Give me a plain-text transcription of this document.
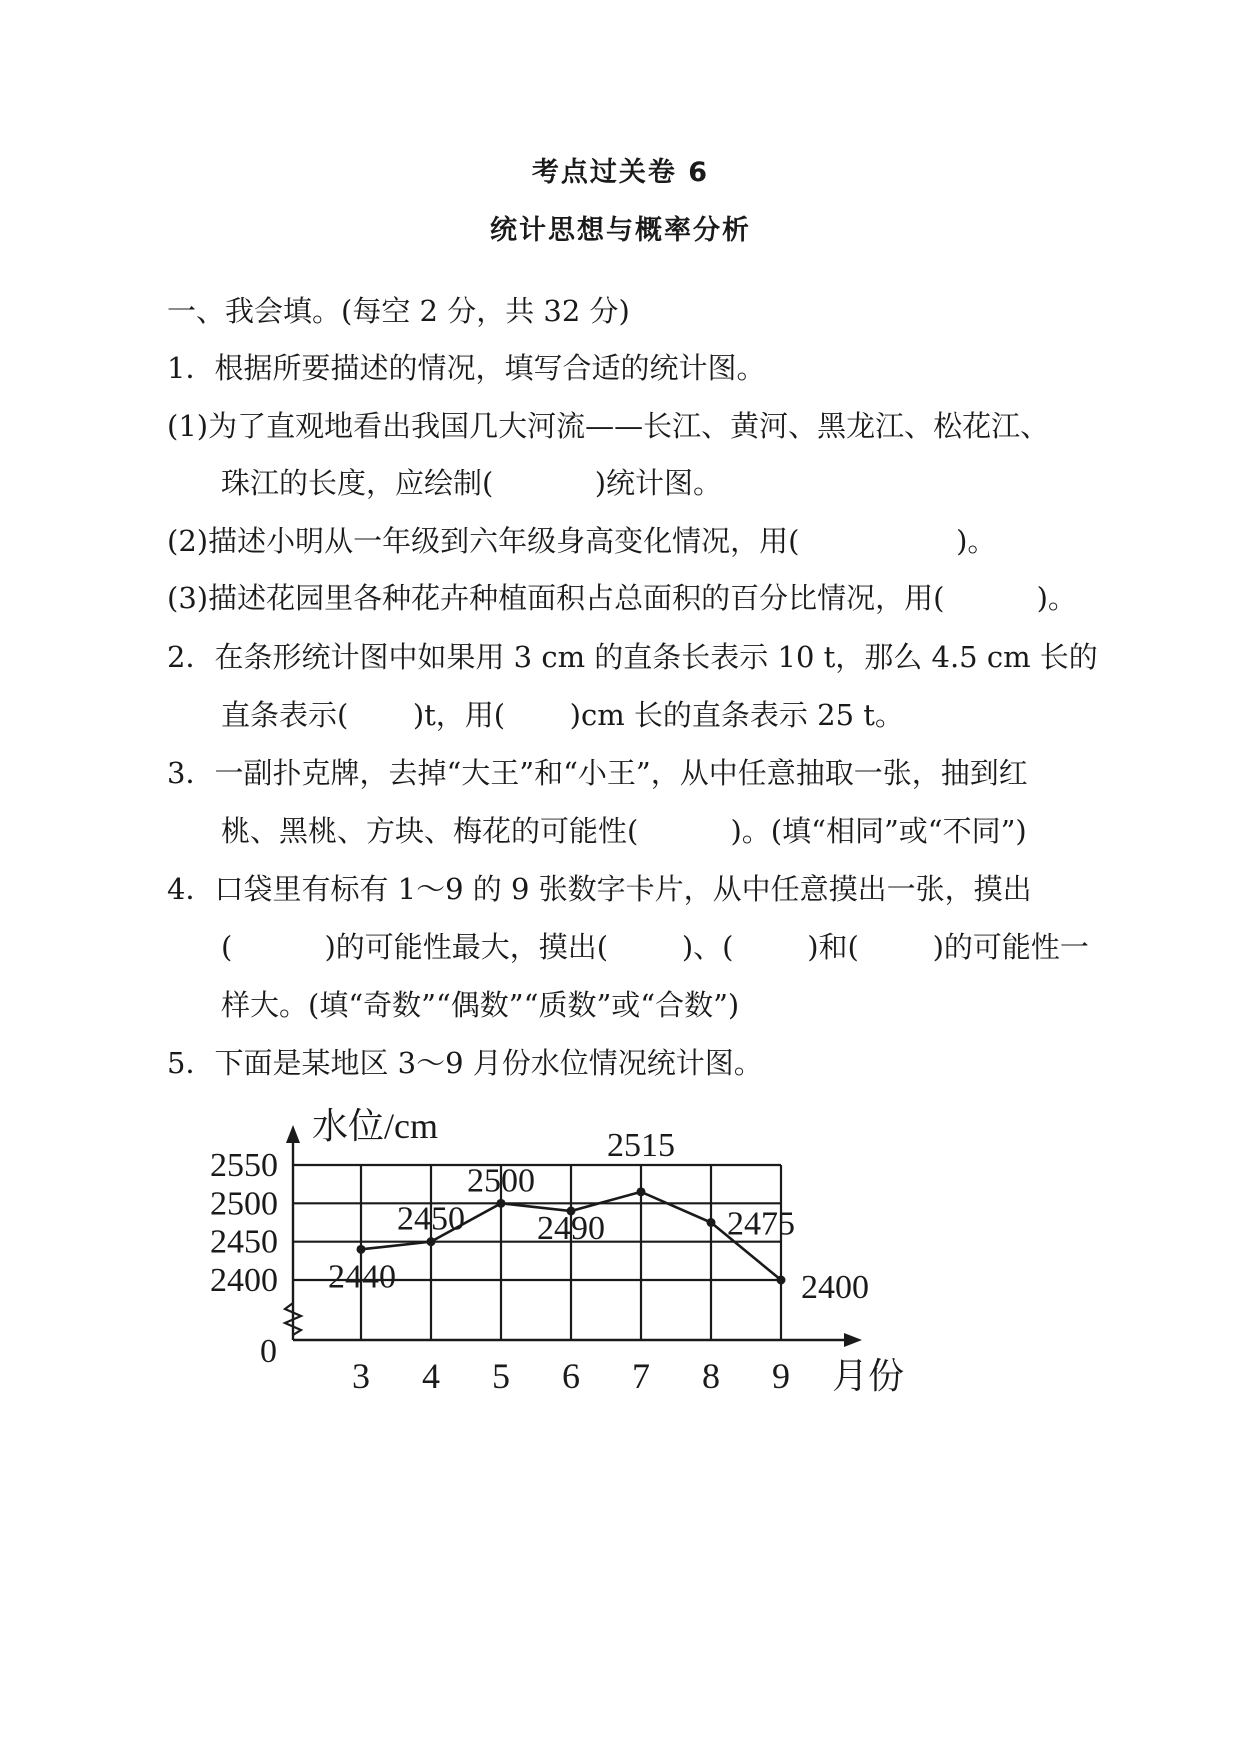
考点过关卷 6
统计思想与概率分析
一、我会填。(每空 2 分，共 32 分)
1．根据所要描述的情况，填写合适的统计图。
(1)为了直观地看出我国几大河流——长江、黄河、黑龙江、松花江、
珠江的长度，应绘制(           )统计图。
(2)描述小明从一年级到六年级身高变化情况，用(                 )。
(3)描述花园里各种花卉种植面积占总面积的百分比情况，用(          )。
2．在条形统计图中如果用 3 cm 的直条长表示 10 t，那么 4.5 cm 长的
直条表示(       )t，用(       )cm 长的直条表示 25 t。
3．一副扑克牌，去掉“大王”和“小王”，从中任意抽取一张，抽到红
桃、黑桃、方块、梅花的可能性(          )。(填“相同”或“不同”)
4．口袋里有标有 1～9 的 9 张数字卡片，从中任意摸出一张，摸出
(          )的可能性最大，摸出(        )、(        )和(        )的可能性一
样大。(填“奇数”“偶数”“质数”或“合数”)
5．下面是某地区 3～9 月份水位情况统计图。
2400
2450
2500
2550
水位/cm
月份
0
3 4 5 6 7 8 9
2440
2450
2500
2490
2515
2475
2400
